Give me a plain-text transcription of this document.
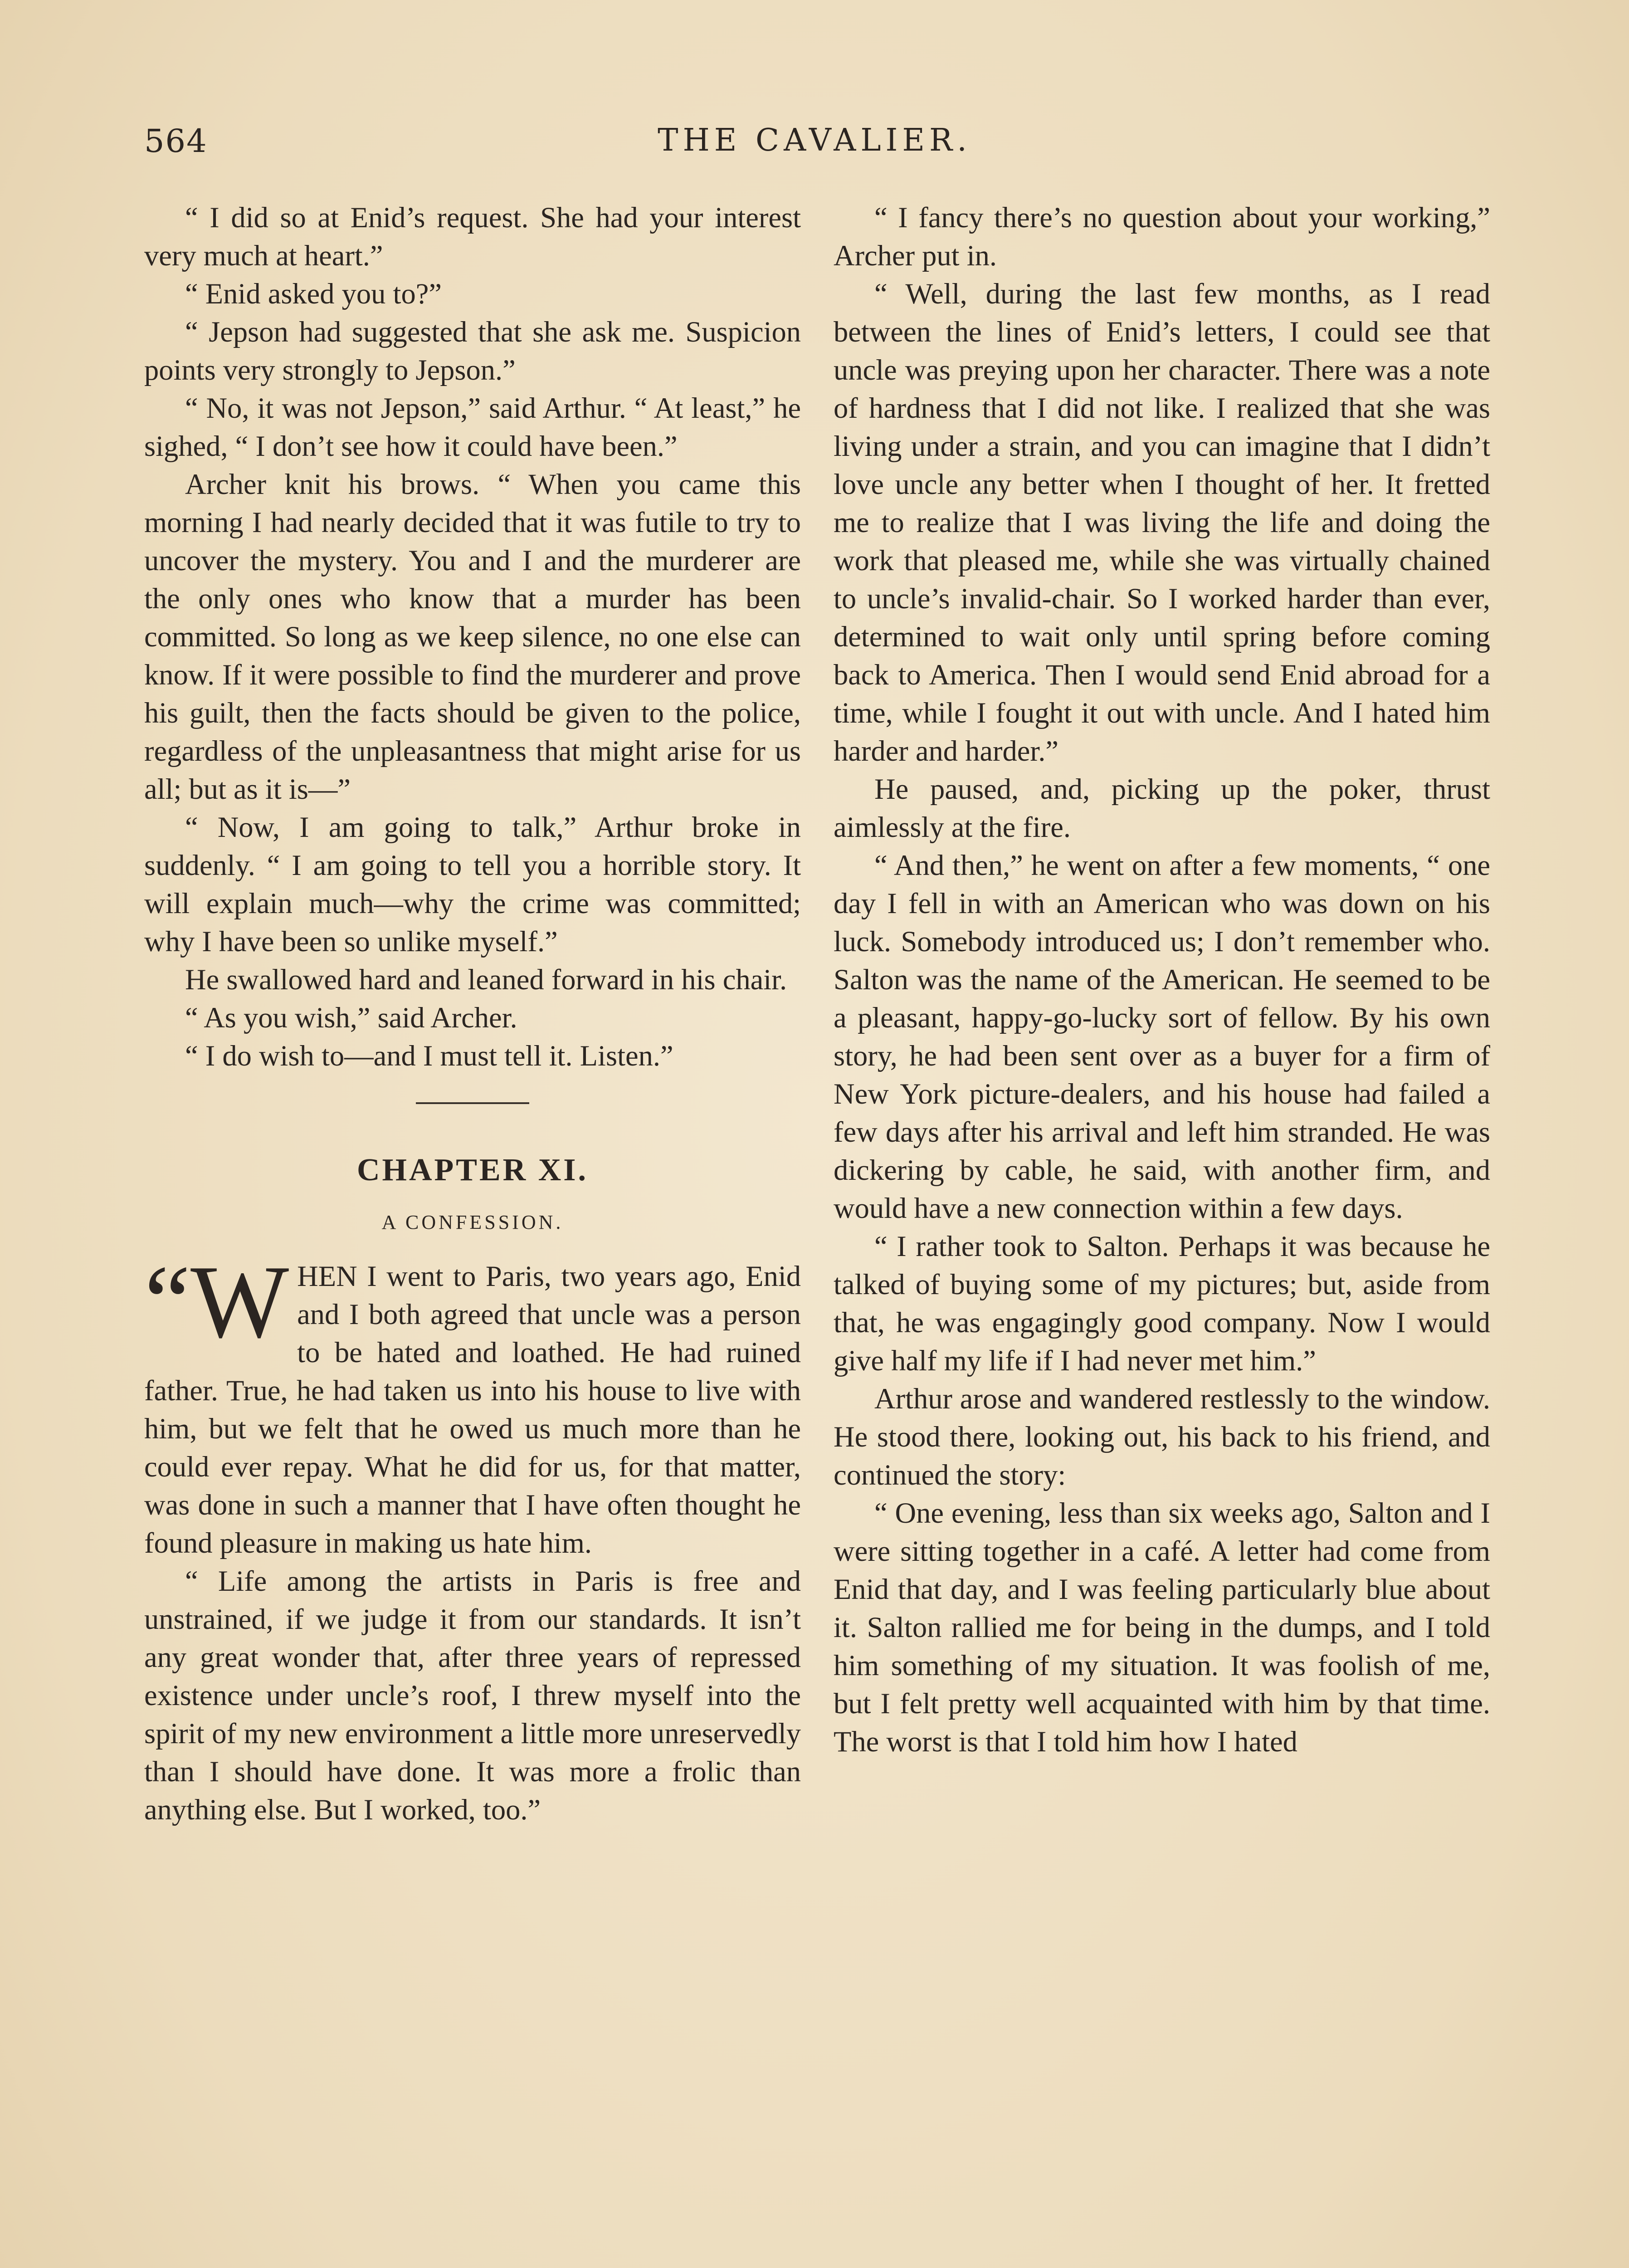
564	THE CAVALIER.

“ I did so at Enid’s request. She had your interest very much at heart.”

“ Enid asked you to?”

“ Jepson had suggested that she ask me. Suspicion points very strongly to Jepson.”

“ No, it was not Jepson,” said Arthur. “ At least,” he sighed, “ I don’t see how it could have been.”

Archer knit his brows. “ When you came this morning I had nearly decided that it was futile to try to uncover the mystery. You and I and the murderer are the only ones who know that a murder has been committed. So long as we keep silence, no one else can know. If it were possible to find the murderer and prove his guilt, then the facts should be given to the police, regardless of the unpleasantness that might arise for us all; but as it is—”

“ Now, I am going to talk,” Arthur broke in suddenly. “ I am going to tell you a horrible story. It will explain much—why the crime was committed; why I have been so unlike myself.”

He swallowed hard and leaned forward in his chair.

“ As you wish,” said Archer.

“ I do wish to—and I must tell it. Listen.”

CHAPTER XI.
A CONFESSION.

“WHEN I went to Paris, two years ago, Enid and I both agreed that uncle was a person to be hated and loathed. He had ruined father. True, he had taken us into his house to live with him, but we felt that he owed us much more than he could ever repay. What he did for us, for that matter, was done in such a manner that I have often thought he found pleasure in making us hate him.

“ Life among the artists in Paris is free and unstrained, if we judge it from our standards. It isn’t any great wonder that, after three years of repressed existence under uncle’s roof, I threw myself into the spirit of my new environment a little more unreservedly than I should have done. It was more a frolic than anything else. But I worked, too.”

“ I fancy there’s no question about your working,” Archer put in.

“ Well, during the last few months, as I read between the lines of Enid’s letters, I could see that uncle was preying upon her character. There was a note of hardness that I did not like. I realized that she was living under a strain, and you can imagine that I didn’t love uncle any better when I thought of her. It fretted me to realize that I was living the life and doing the work that pleased me, while she was virtually chained to uncle’s invalid-chair. So I worked harder than ever, determined to wait only until spring before coming back to America. Then I would send Enid abroad for a time, while I fought it out with uncle. And I hated him harder and harder.”

He paused, and, picking up the poker, thrust aimlessly at the fire.

“ And then,” he went on after a few moments, “ one day I fell in with an American who was down on his luck. Somebody introduced us; I don’t remember who. Salton was the name of the American. He seemed to be a pleasant, happy-go-lucky sort of fellow. By his own story, he had been sent over as a buyer for a firm of New York picture-dealers, and his house had failed a few days after his arrival and left him stranded. He was dickering by cable, he said, with another firm, and would have a new connection within a few days.

“ I rather took to Salton. Perhaps it was because he talked of buying some of my pictures; but, aside from that, he was engagingly good company. Now I would give half my life if I had never met him.”

Arthur arose and wandered restlessly to the window. He stood there, looking out, his back to his friend, and continued the story:

“ One evening, less than six weeks ago, Salton and I were sitting together in a café. A letter had come from Enid that day, and I was feeling particularly blue about it. Salton rallied me for being in the dumps, and I told him something of my situation. It was foolish of me, but I felt pretty well acquainted with him by that time. The worst is that I told him how I hated
